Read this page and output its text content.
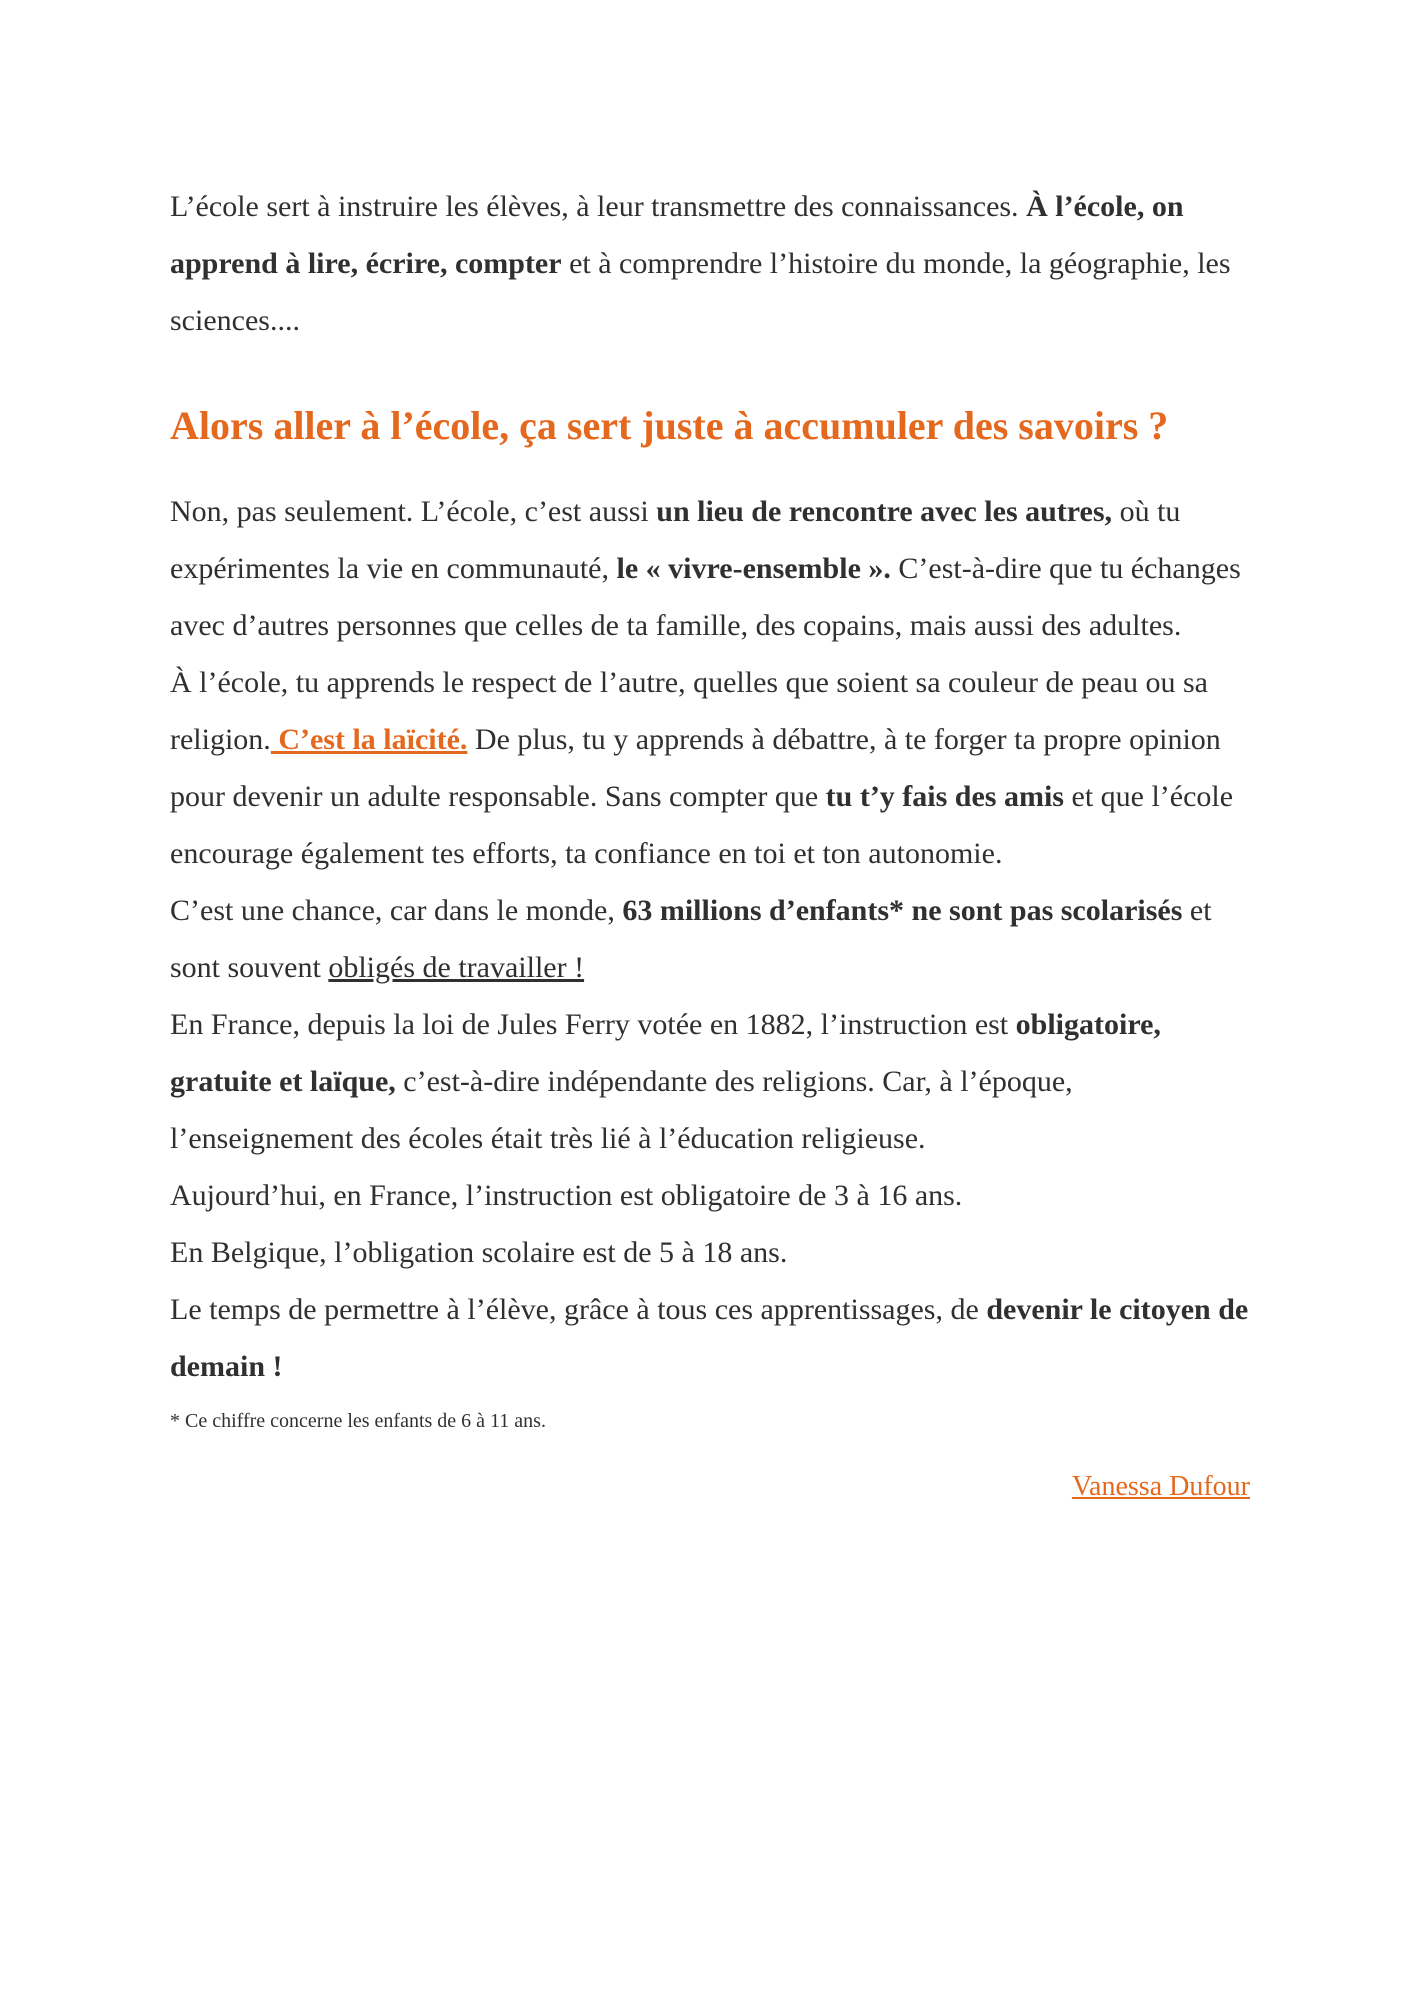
L’école sert à instruire les élèves, à leur transmettre des connaissances. À l’école, on apprend à lire, écrire, compter et à comprendre l’histoire du monde, la géographie, les sciences....

Alors aller à l’école, ça sert juste à accumuler des savoirs ?

Non, pas seulement. L’école, c’est aussi un lieu de rencontre avec les autres, où tu expérimentes la vie en communauté, le « vivre-ensemble ». C’est-à-dire que tu échanges avec d’autres personnes que celles de ta famille, des copains, mais aussi des adultes.

À l’école, tu apprends le respect de l’autre, quelles que soient sa couleur de peau ou sa religion. C’est la laïcité. De plus, tu y apprends à débattre, à te forger ta propre opinion pour devenir un adulte responsable. Sans compter que tu t’y fais des amis et que l’école encourage également tes efforts, ta confiance en toi et ton autonomie.

C’est une chance, car dans le monde, 63 millions d’enfants* ne sont pas scolarisés et sont souvent obligés de travailler !

En France, depuis la loi de Jules Ferry votée en 1882, l’instruction est obligatoire, gratuite et laïque, c’est-à-dire indépendante des religions. Car, à l’époque, l’enseignement des écoles était très lié à l’éducation religieuse.

Aujourd’hui, en France, l’instruction est obligatoire de 3 à 16 ans.

En Belgique, l’obligation scolaire est de 5 à 18 ans.

Le temps de permettre à l’élève, grâce à tous ces apprentissages, de devenir le citoyen de demain !

* Ce chiffre concerne les enfants de 6 à 11 ans.

Vanessa Dufour
